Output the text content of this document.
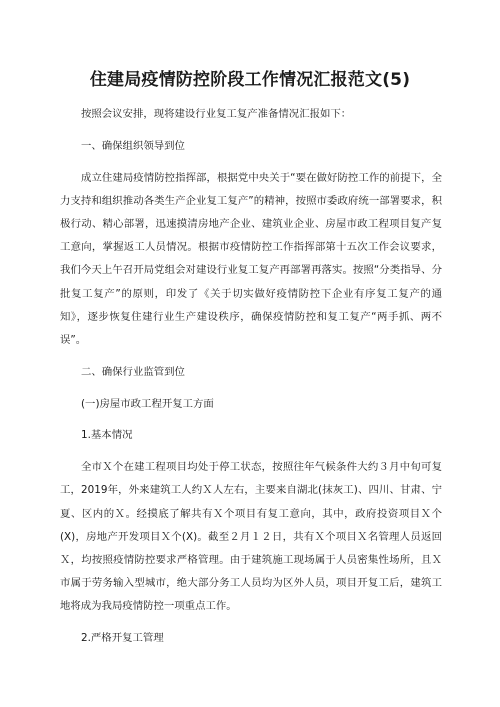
住建局疫情防控阶段工作情况汇报范文(5)

按照会议安排，现将建设行业复工复产准备情况汇报如下：

一、确保组织领导到位

成立住建局疫情防控指挥部，根据党中央关于“要在做好防控工作的前提下，全力支持和组织推动各类生产企业复工复产”的精神，按照市委政府统一部署要求，积极行动、精心部署，迅速摸清房地产企业、建筑业企业、房屋市政工程项目复产复工意向，掌握返工人员情况。根据市疫情防控工作指挥部第十五次工作会议要求，我们今天上午召开局党组会对建设行业复工复产再部署再落实。按照“分类指导、分批复工复产”的原则，印发了《关于切实做好疫情防控下企业有序复工复产的通知》，逐步恢复住建行业生产建设秩序，确保疫情防控和复工复产“两手抓、两不误”。

二、确保行业监管到位

(一)房屋市政工程开复工方面

1.基本情况

全市Ｘ个在建工程项目均处于停工状态，按照往年气候条件大约３月中旬可复工，2019年，外来建筑工人约Ｘ人左右，主要来自湖北(抹灰工)、四川、甘肃、宁夏、区内的Ｘ。经摸底了解共有Ｘ个项目有复工意向，其中，政府投资项目Ｘ个(X)，房地产开发项目Ｘ个(X)。截至２月１２日，共有Ｘ个项目Ｘ名管理人员返回Ｘ，均按照疫情防控要求严格管理。由于建筑施工现场属于人员密集性场所，且Ｘ市属于劳务输入型城市，绝大部分务工人员均为区外人员，项目开复工后，建筑工地将成为我局疫情防控一项重点工作。

2.严格开复工管理
